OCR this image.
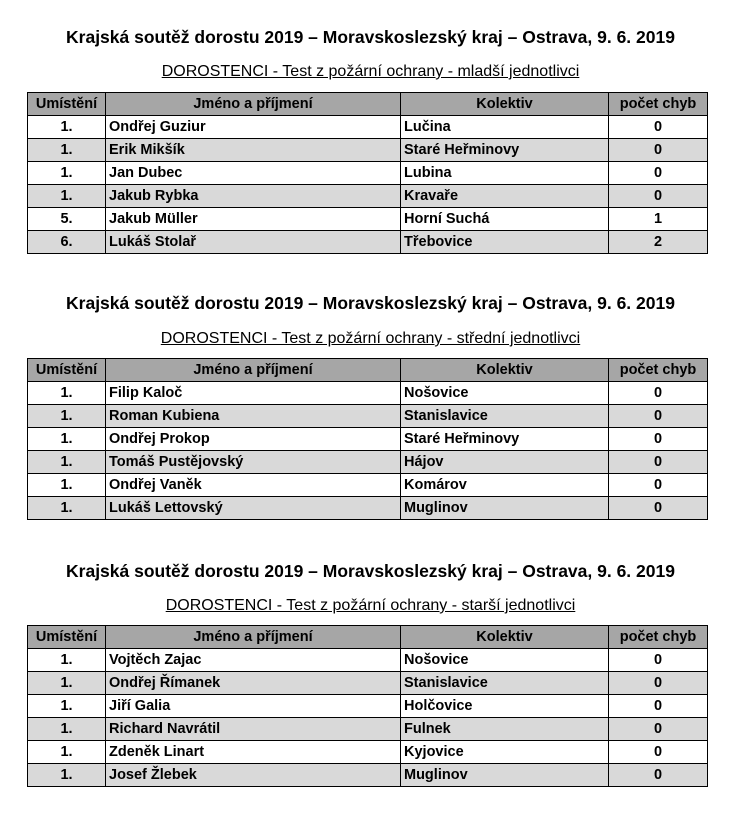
Krajská soutěž dorostu 2019 – Moravskoslezský kraj – Ostrava, 9. 6. 2019
DOROSTENCI - Test z požární ochrany - mladší jednotlivci
Umístění	Jméno a příjmení	Kolektiv	počet chyb
1.	Ondřej Guziur	Lučina	0
1.	Erik Mikšík	Staré Heřminovy	0
1.	Jan Dubec	Lubina	0
1.	Jakub Rybka	Kravaře	0
5.	Jakub Müller	Horní Suchá	1
6.	Lukáš Stolař	Třebovice	2
Krajská soutěž dorostu 2019 – Moravskoslezský kraj – Ostrava, 9. 6. 2019
DOROSTENCI - Test z požární ochrany - střední jednotlivci
Umístění	Jméno a příjmení	Kolektiv	počet chyb
1.	Filip Kaloč	Nošovice	0
1.	Roman Kubiena	Stanislavice	0
1.	Ondřej Prokop	Staré Heřminovy	0
1.	Tomáš Pustějovský	Hájov	0
1.	Ondřej Vaněk	Komárov	0
1.	Lukáš Lettovský	Muglinov	0
Krajská soutěž dorostu 2019 – Moravskoslezský kraj – Ostrava, 9. 6. 2019
DOROSTENCI - Test z požární ochrany - starší jednotlivci
Umístění	Jméno a příjmení	Kolektiv	počet chyb
1.	Vojtěch Zajac	Nošovice	0
1.	Ondřej Římanek	Stanislavice	0
1.	Jiří Galia	Holčovice	0
1.	Richard Navrátil	Fulnek	0
1.	Zdeněk Linart	Kyjovice	0
1.	Josef Žlebek	Muglinov	0
